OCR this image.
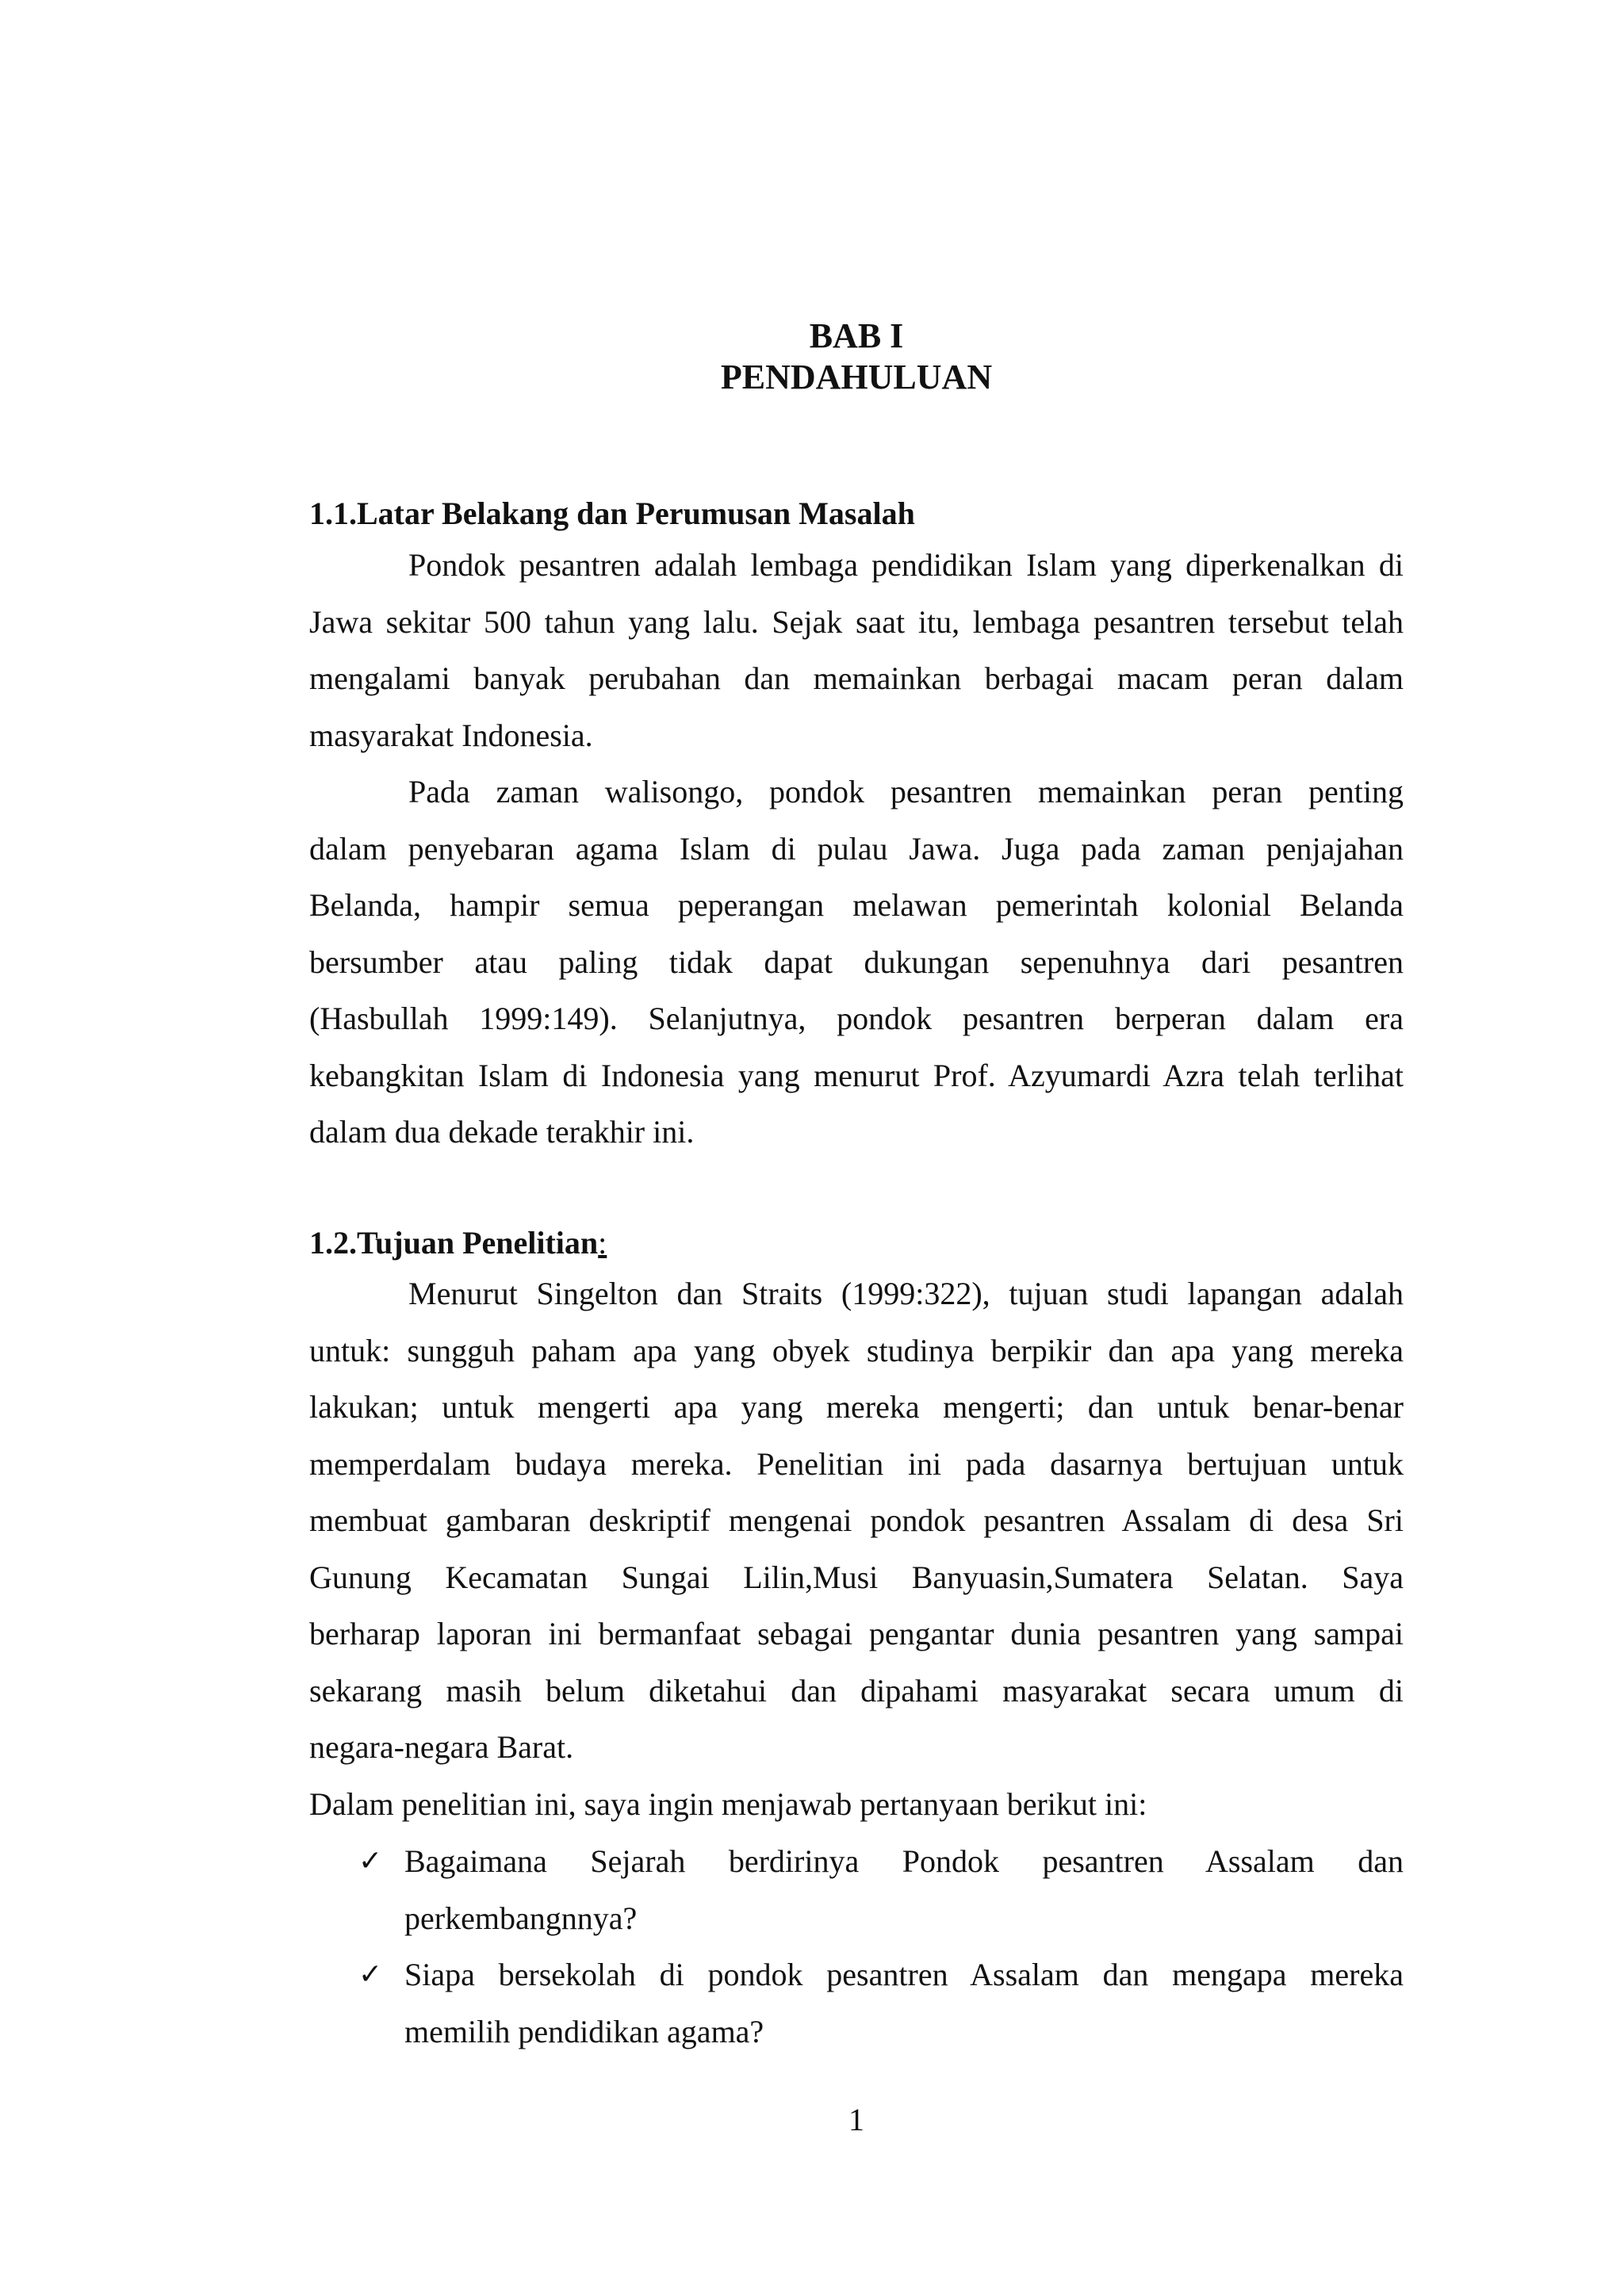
BAB I
PENDAHULUAN
1.1.Latar Belakang dan Perumusan Masalah
Pondok pesantren adalah lembaga pendidikan Islam yang diperkenalkan di
Jawa sekitar 500 tahun yang lalu. Sejak saat itu, lembaga pesantren tersebut telah
mengalami banyak perubahan dan memainkan berbagai macam peran dalam
masyarakat Indonesia.
Pada zaman walisongo, pondok pesantren memainkan peran penting
dalam penyebaran agama Islam di pulau Jawa. Juga pada zaman penjajahan
Belanda, hampir semua peperangan melawan pemerintah kolonial Belanda
bersumber atau paling tidak dapat dukungan sepenuhnya dari pesantren
(Hasbullah 1999:149). Selanjutnya, pondok pesantren berperan dalam era
kebangkitan Islam di Indonesia yang menurut Prof. Azyumardi Azra telah terlihat
dalam dua dekade terakhir ini.
1.2.Tujuan Penelitian:
Menurut Singelton dan Straits (1999:322), tujuan studi lapangan adalah
untuk: sungguh paham apa yang obyek studinya berpikir dan apa yang mereka
lakukan; untuk mengerti apa yang mereka mengerti; dan untuk benar-benar
memperdalam budaya mereka. Penelitian ini pada dasarnya bertujuan untuk
membuat gambaran deskriptif mengenai pondok pesantren Assalam di desa Sri
Gunung Kecamatan Sungai Lilin,Musi Banyuasin,Sumatera Selatan. Saya
berharap laporan ini bermanfaat sebagai pengantar dunia pesantren yang sampai
sekarang masih belum diketahui dan dipahami masyarakat secara umum di
negara-negara Barat.
Dalam penelitian ini, saya ingin menjawab pertanyaan berikut ini:
✓ Bagaimana Sejarah berdirinya Pondok pesantren Assalam dan
perkembangnnya?
✓ Siapa bersekolah di pondok pesantren Assalam dan mengapa mereka
memilih pendidikan agama?
1
